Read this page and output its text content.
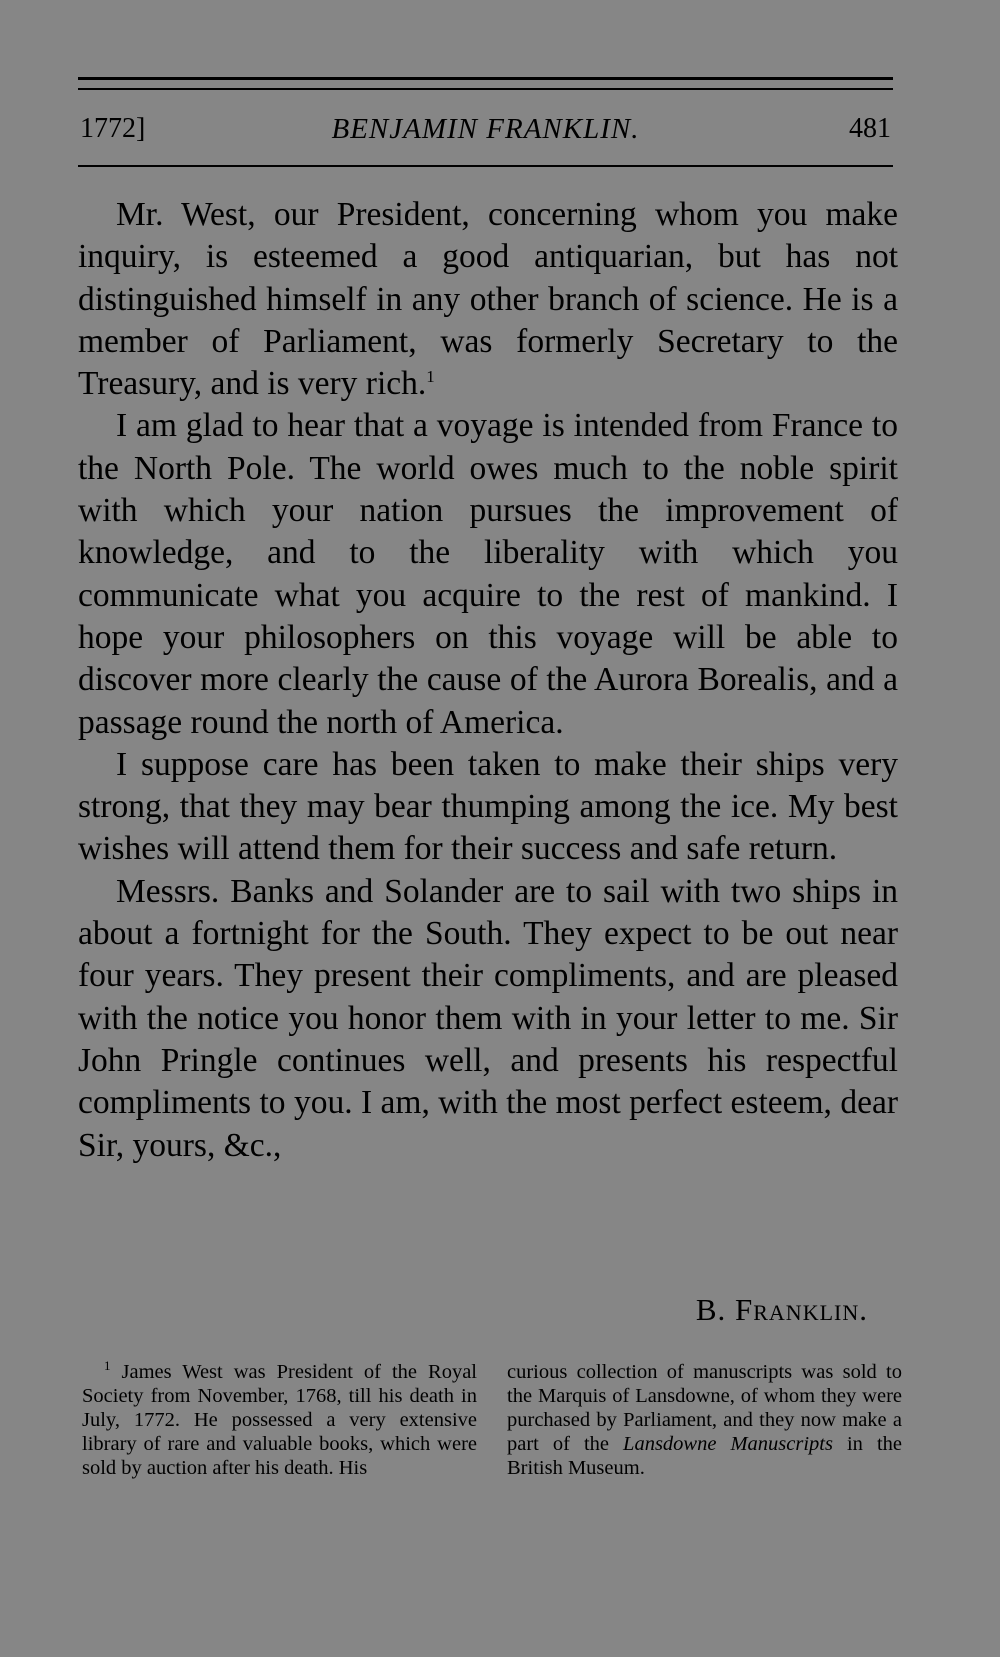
1772]	BENJAMIN FRANKLIN.	481

Mr. West, our President, concerning whom you make inquiry, is esteemed a good antiquarian, but has not distinguished himself in any other branch of science. He is a member of Parliament, was formerly Secretary to the Treasury, and is very rich.$^1$

I am glad to hear that a voyage is intended from France to the North Pole. The world owes much to the noble spirit with which your nation pursues the improvement of knowledge, and to the liberality with which you communicate what you acquire to the rest of mankind. I hope your philosophers on this voyage will be able to discover more clearly the cause of the Aurora Borealis, and a passage round the north of America.

I suppose care has been taken to make their ships very strong, that they may bear thumping among the ice. My best wishes will attend them for their success and safe return.

Messrs. Banks and Solander are to sail with two ships in about a fortnight for the South. They expect to be out near four years. They present their compliments, and are pleased with the notice you honor them with in your letter to me. Sir John Pringle continues well, and presents his respectful compliments to you. I am, with the most perfect esteem, dear Sir, yours, &c.,

B. Franklin.

$^1$ James West was President of the Royal Society from November, 1768, till his death in July, 1772. He possessed a very extensive library of rare and valuable books, which were sold by auction after his death. His

curious collection of manuscripts was sold to the Marquis of Lansdowne, of whom they were purchased by Parliament, and they now make a part of the Lansdowne Manuscripts in the British Museum.
